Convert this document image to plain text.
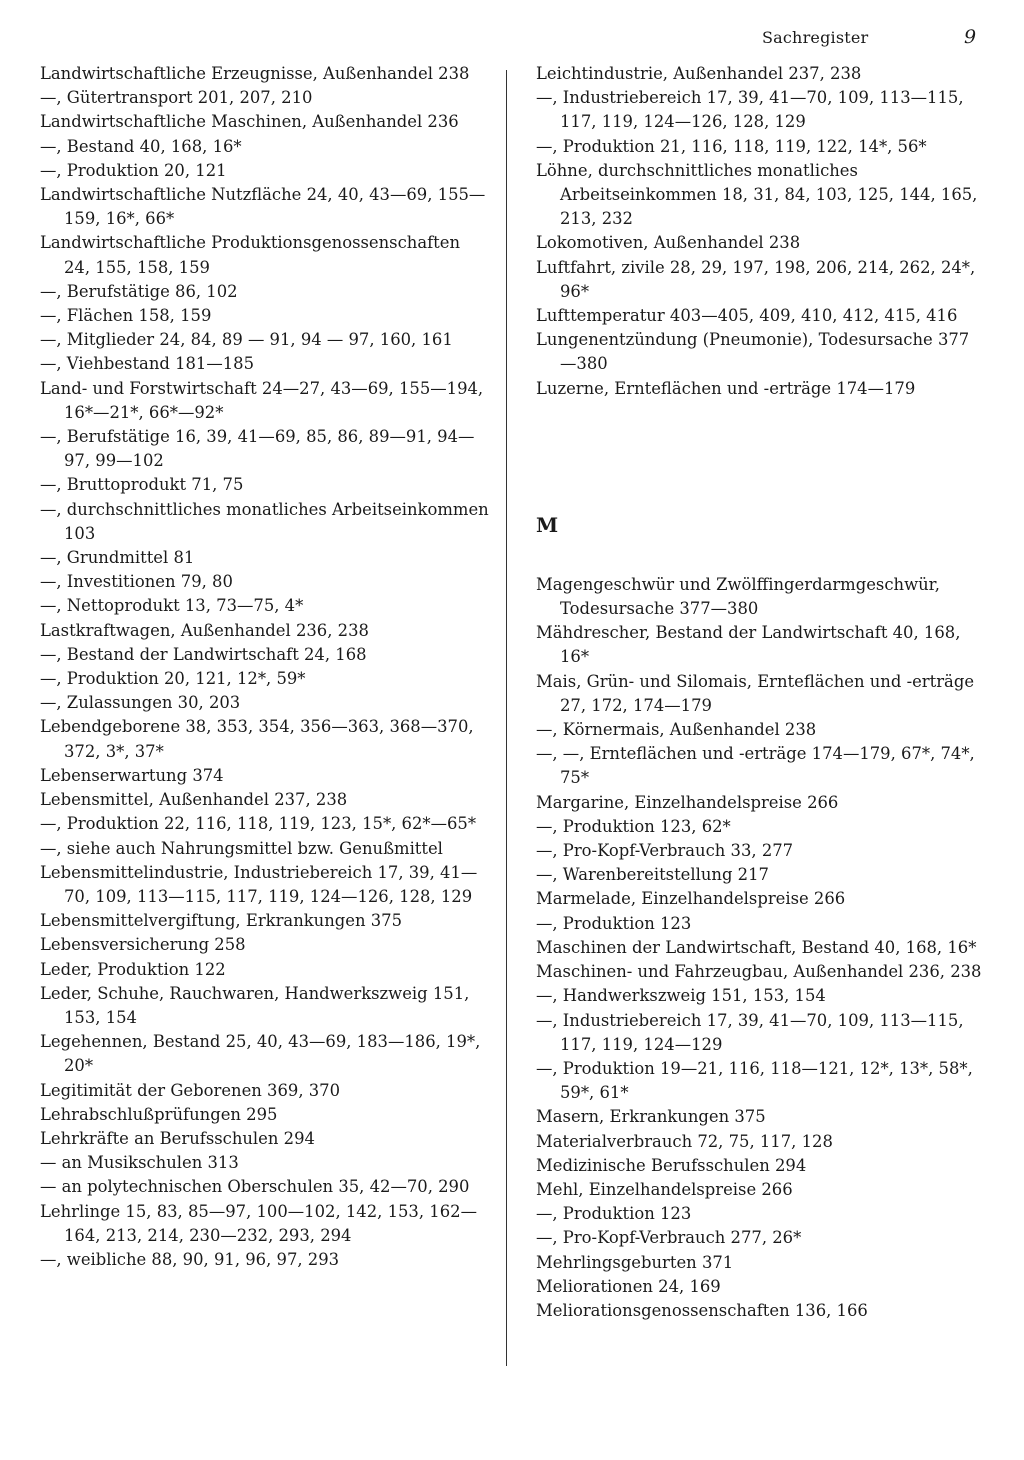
Sachregister	9
Landwirtschaftliche Erzeugnisse, Außenhandel 238
—, Gütertransport 201, 207, 210
Landwirtschaftliche Maschinen, Außenhandel 236
—, Bestand 40, 168, 16*
—, Produktion 20, 121
Landwirtschaftliche Nutzfläche 24, 40, 43—69, 155—159, 16*, 66*
Landwirtschaftliche Produktionsgenossenschaften 24, 155, 158, 159
—, Berufstätige 86, 102
—, Flächen 158, 159
—, Mitglieder 24, 84, 89 — 91, 94 — 97, 160, 161
—, Viehbestand 181—185
Land- und Forstwirtschaft 24—27, 43—69, 155—194, 16*—21*, 66*—92*
—, Berufstätige 16, 39, 41—69, 85, 86, 89—91, 94—97, 99—102
—, Bruttoprodukt 71, 75
—, durchschnittliches monatliches Arbeitseinkommen 103
—, Grundmittel 81
—, Investitionen 79, 80
—, Nettoprodukt 13, 73—75, 4*
Lastkraftwagen, Außenhandel 236, 238
—, Bestand der Landwirtschaft 24, 168
—, Produktion 20, 121, 12*, 59*
—, Zulassungen 30, 203
Lebendgeborene 38, 353, 354, 356—363, 368—370, 372, 3*, 37*
Lebenserwartung 374
Lebensmittel, Außenhandel 237, 238
—, Produktion 22, 116, 118, 119, 123, 15*, 62*—65*
—, siehe auch Nahrungsmittel bzw. Genußmittel
Lebensmittelindustrie, Industriebereich 17, 39, 41—70, 109, 113—115, 117, 119, 124—126, 128, 129
Lebensmittelvergiftung, Erkrankungen 375
Lebensversicherung 258
Leder, Produktion 122
Leder, Schuhe, Rauchwaren, Handwerkszweig 151, 153, 154
Legehennen, Bestand 25, 40, 43—69, 183—186, 19*, 20*
Legitimität der Geborenen 369, 370
Lehrabschlußprüfungen 295
Lehrkräfte an Berufsschulen 294
— an Musikschulen 313
— an polytechnischen Oberschulen 35, 42—70, 290
Lehrlinge 15, 83, 85—97, 100—102, 142, 153, 162—164, 213, 214, 230—232, 293, 294
—, weibliche 88, 90, 91, 96, 97, 293
Leichtindustrie, Außenhandel 237, 238
—, Industriebereich 17, 39, 41—70, 109, 113—115, 117, 119, 124—126, 128, 129
—, Produktion 21, 116, 118, 119, 122, 14*, 56*
Löhne, durchschnittliches monatliches Arbeitseinkommen 18, 31, 84, 103, 125, 144, 165, 213, 232
Lokomotiven, Außenhandel 238
Luftfahrt, zivile 28, 29, 197, 198, 206, 214, 262, 24*, 96*
Lufttemperatur 403—405, 409, 410, 412, 415, 416
Lungenentzündung (Pneumonie), Todesursache 377—380
Luzerne, Ernteflächen und -erträge 174—179
M
Magengeschwür und Zwölffingerdarmgeschwür, Todesursache 377—380
Mähdrescher, Bestand der Landwirtschaft 40, 168, 16*
Mais, Grün- und Silomais, Ernteflächen und -erträge 27, 172, 174—179
—, Körnermais, Außenhandel 238
—, —, Ernteflächen und -erträge 174—179, 67*, 74*, 75*
Margarine, Einzelhandelspreise 266
—, Produktion 123, 62*
—, Pro-Kopf-Verbrauch 33, 277
—, Warenbereitstellung 217
Marmelade, Einzelhandelspreise 266
—, Produktion 123
Maschinen der Landwirtschaft, Bestand 40, 168, 16*
Maschinen- und Fahrzeugbau, Außenhandel 236, 238
—, Handwerkszweig 151, 153, 154
—, Industriebereich 17, 39, 41—70, 109, 113—115, 117, 119, 124—129
—, Produktion 19—21, 116, 118—121, 12*, 13*, 58*, 59*, 61*
Masern, Erkrankungen 375
Materialverbrauch 72, 75, 117, 128
Medizinische Berufsschulen 294
Mehl, Einzelhandelspreise 266
—, Produktion 123
—, Pro-Kopf-Verbrauch 277, 26*
Mehrlingsgeburten 371
Meliorationen 24, 169
Meliorationsgenossenschaften 136, 166
